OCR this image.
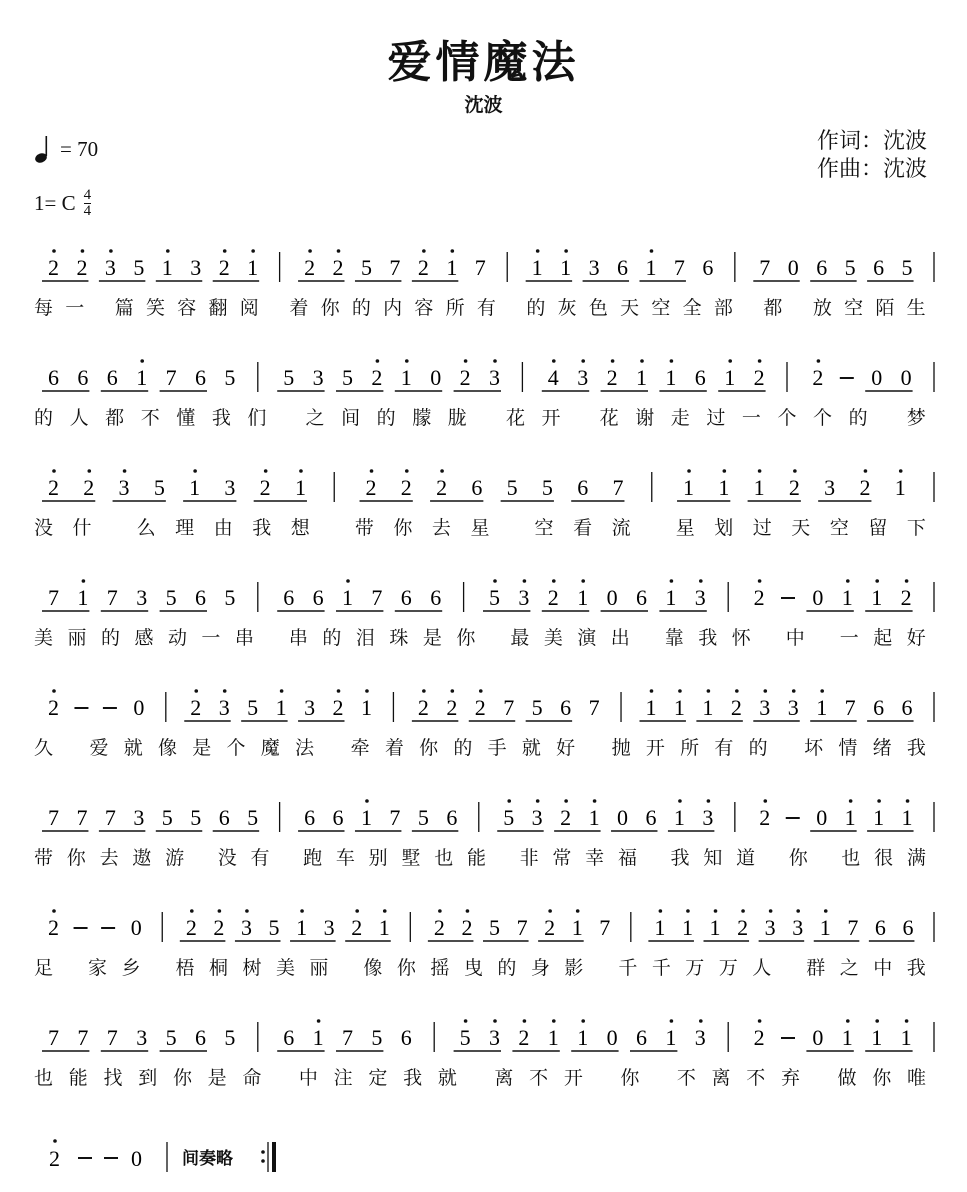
爱情魔法
沈波
作词：沈波
作曲：沈波
= 70
1= C 4
4
2 2 3 5 1 3 2 1 2 2 5 7 2 1 7 1 1 3 6 1 7 6 7 0 6 5 6 5
每 一
篇 笑 容 翻 阅
着 你 的 内 容 所 有
的 灰 色 天 空 全 部
都
放 空 陌 生
6 6 6 1 7 6 5 5 3 5 2 1 0 2 3 4 3 2 1 1 6 1 2 2 0 0
的 人 都 不 懂 我 们
之 间 的 朦 胧
花 开
花 谢 走 过 一 个 个 的
梦
2 2 3 5 1 3 2 1	2 2 2 6 5 5 6 7	1 1 1 2 3 2 1
没 什
么 理 由 我 想
带 你 去 星
空 看 流
星 划 过 天 空 留 下
7 1 7 3 5 6 5 6 6 1 7 6 6 5 3 2 1 0 6 1 3 2 0 1 1 2
美 丽 的 感 动 一 串
串 的 泪 珠 是 你
最 美 演 出
靠 我 怀
中
一 起 好
2	0 2 3 5 1 3 2 1 2 2 2 7 5 6 7 1 1 1 2 3 3 1 7 6 6
久
爱 就 像 是 个 魔 法
牵 着 你 的 手 就 好
抛 开 所 有 的
坏 情 绪 我
7 7 7 3 5 5 6 5 6 6 1 7 5 6 5 3 2 1 0 6 1 3 2 0 1 1 1
带 你 去 遨 游
没 有
跑 车 别 墅 也 能
非 常 幸 福
我 知 道
你
也 很 满
2	0 2 2 3 5 1 3 2 1 2 2 5 7 2 1 7 1 1 1 2 3 3 1 7 6 6
足
家 乡
梧 桐 树 美 丽
像 你 摇 曳 的 身 影
千 千 万 万 人
群 之 中 我
7 7 7 3 5 6 5 6 1 7 5 6 5 3 2 1 1 0 6 1 3 2 0 1 1 1
也 能 找 到 你 是 命
中 注 定 我 就
离 不 开
你
不 离 不 弃
做 你 唯
2	0 间奏略
